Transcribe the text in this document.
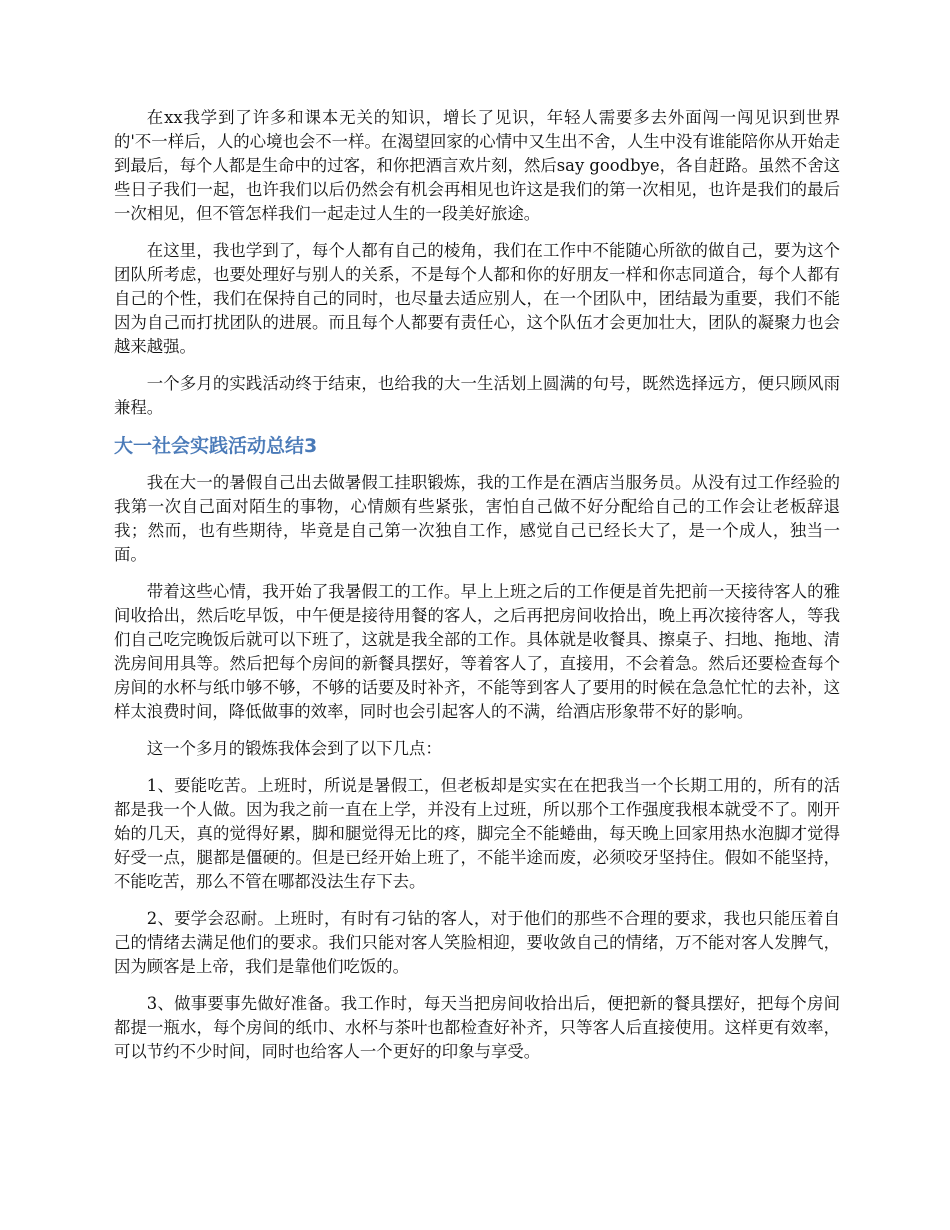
在xx我学到了许多和课本无关的知识，增长了见识，年轻人需要多去外面闯一闯见识到世界的'不一样后，人的心境也会不一样。在渴望回家的心情中又生出不舍，人生中没有谁能陪你从开始走到最后，每个人都是生命中的过客，和你把酒言欢片刻，然后say goodbye，各自赶路。虽然不舍这些日子我们一起，也许我们以后仍然会有机会再相见也许这是我们的第一次相见，也许是我们的最后一次相见，但不管怎样我们一起走过人生的一段美好旅途。

在这里，我也学到了，每个人都有自己的棱角，我们在工作中不能随心所欲的做自己，要为这个团队所考虑，也要处理好与别人的关系，不是每个人都和你的好朋友一样和你志同道合，每个人都有自己的个性，我们在保持自己的同时，也尽量去适应别人，在一个团队中，团结最为重要，我们不能因为自己而打扰团队的进展。而且每个人都要有责任心，这个队伍才会更加壮大，团队的凝聚力也会越来越强。

一个多月的实践活动终于结束，也给我的大一生活划上圆满的句号，既然选择远方，便只顾风雨兼程。

大一社会实践活动总结3

我在大一的暑假自己出去做暑假工挂职锻炼，我的工作是在酒店当服务员。从没有过工作经验的我第一次自己面对陌生的事物，心情颇有些紧张，害怕自己做不好分配给自己的工作会让老板辞退我；然而，也有些期待，毕竟是自己第一次独自工作，感觉自己已经长大了，是一个成人，独当一面。

带着这些心情，我开始了我暑假工的工作。早上上班之后的工作便是首先把前一天接待客人的雅间收拾出，然后吃早饭，中午便是接待用餐的客人，之后再把房间收拾出，晚上再次接待客人，等我们自己吃完晚饭后就可以下班了，这就是我全部的工作。具体就是收餐具、擦桌子、扫地、拖地、清洗房间用具等。然后把每个房间的新餐具摆好，等着客人了，直接用，不会着急。然后还要检查每个房间的水杯与纸巾够不够，不够的话要及时补齐，不能等到客人了要用的时候在急急忙忙的去补，这样太浪费时间，降低做事的效率，同时也会引起客人的不满，给酒店形象带不好的影响。

这一个多月的锻炼我体会到了以下几点：

1、要能吃苦。上班时，所说是暑假工，但老板却是实实在在把我当一个长期工用的，所有的活都是我一个人做。因为我之前一直在上学，并没有上过班，所以那个工作强度我根本就受不了。刚开始的几天，真的觉得好累，脚和腿觉得无比的疼，脚完全不能蜷曲，每天晚上回家用热水泡脚才觉得好受一点，腿都是僵硬的。但是已经开始上班了，不能半途而废，必须咬牙坚持住。假如不能坚持，不能吃苦，那么不管在哪都没法生存下去。

2、要学会忍耐。上班时，有时有刁钻的客人，对于他们的那些不合理的要求，我也只能压着自己的情绪去满足他们的要求。我们只能对客人笑脸相迎，要收敛自己的情绪，万不能对客人发脾气，因为顾客是上帝，我们是靠他们吃饭的。

3、做事要事先做好准备。我工作时，每天当把房间收拾出后，便把新的餐具摆好，把每个房间都提一瓶水，每个房间的纸巾、水杯与茶叶也都检查好补齐，只等客人后直接使用。这样更有效率，可以节约不少时间，同时也给客人一个更好的印象与享受。
